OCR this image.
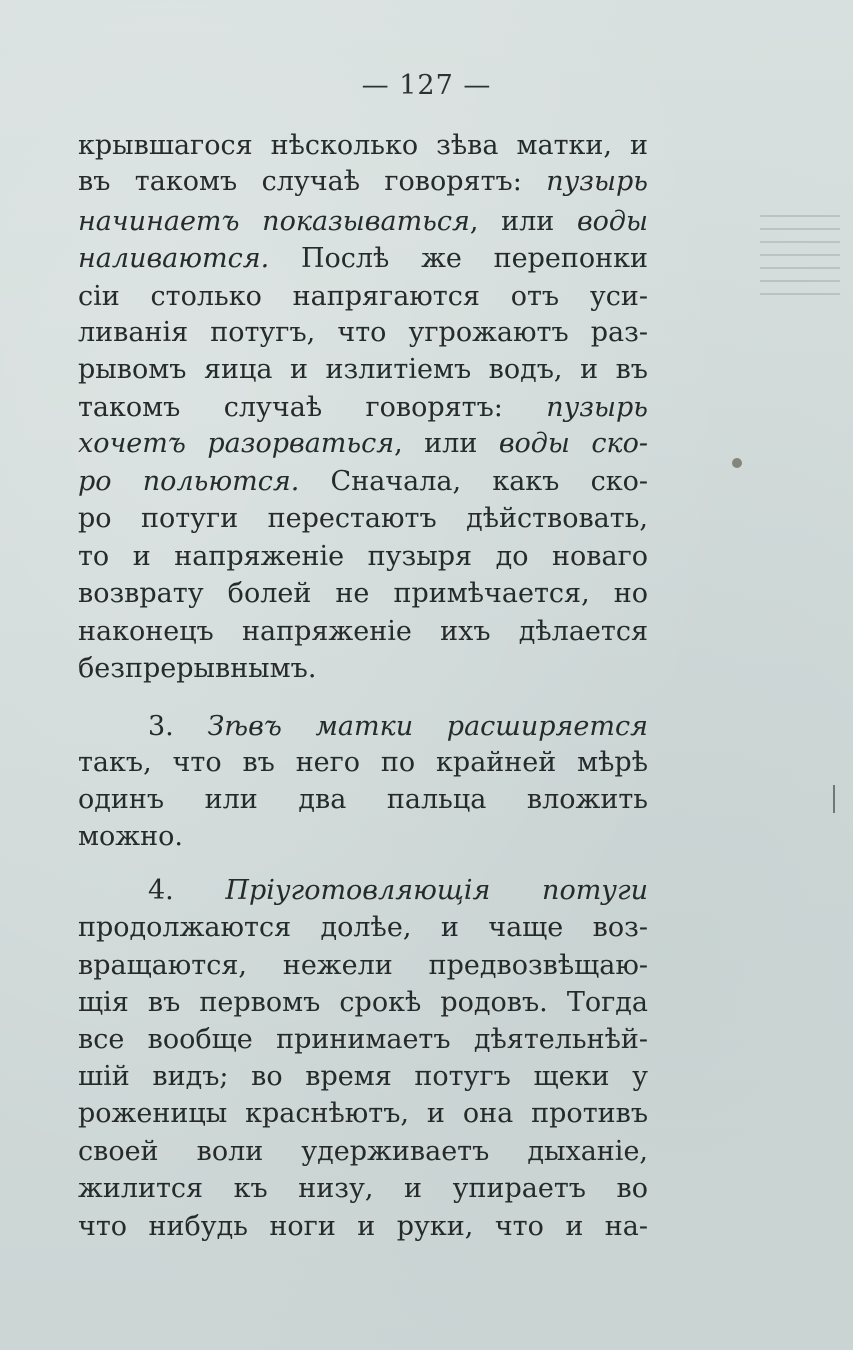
— 127 —
крывшагося нѣсколько зѣва матки, и
въ такомъ случаѣ говорятъ: пузырь
начинаетъ показываться, или воды
наливаются. Послѣ же перепонки
сіи столько напрягаются отъ уси-
ливанія потугъ, что угрожаютъ раз-
рывомъ яица и излитіемъ водъ, и въ
такомъ случаѣ говорятъ: пузырь
хочетъ разорваться, или воды ско-
ро польются. Сначала, какъ ско-
ро потуги перестаютъ дѣйствовать,
то и напряженіе пузыря до новаго
возврату болей не примѣчается, но
наконецъ напряженіе ихъ дѣлается
безпрерывнымъ.
3. Зѣвъ матки расширяется
такъ, что въ него по крайней мѣрѣ
одинъ или два пальца вложить
можно.
4. Пріуготовляющія потуги
продолжаются долѣе, и чаще воз-
вращаются, нежели предвозвѣщаю-
щія въ первомъ срокѣ родовъ. Тогда
все вообще принимаетъ дѣятельнѣй-
шій видъ; во время потугъ щеки у
роженицы краснѣютъ, и она противъ
своей воли удерживаетъ дыханіе,
жилится къ низу, и упираетъ во
что нибудь ноги и руки, что и на-
